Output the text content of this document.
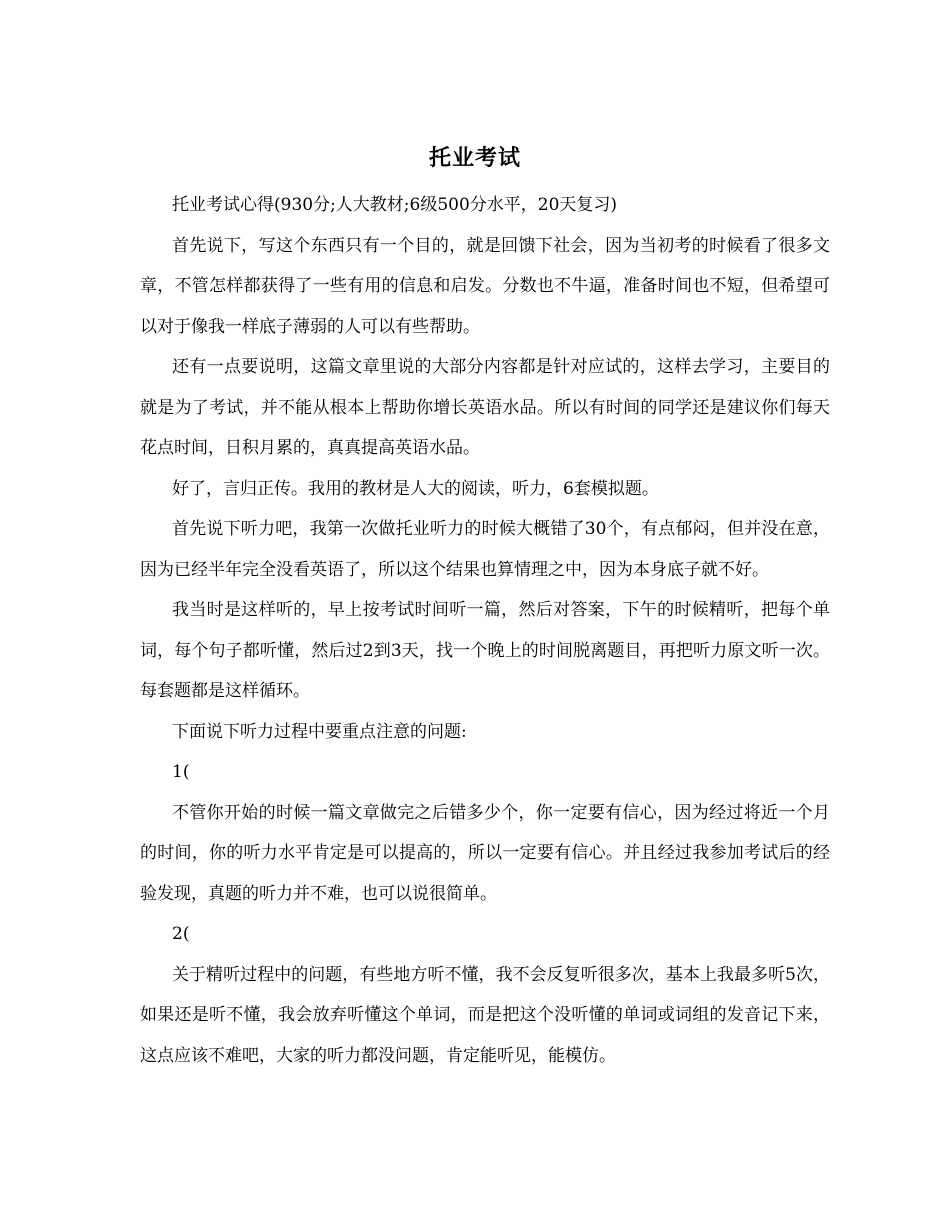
托业考试

托业考试心得(930分;人大教材;6级500分水平，20天复习)

首先说下，写这个东西只有一个目的，就是回馈下社会，因为当初考的时候看了很多文章，不管怎样都获得了一些有用的信息和启发。分数也不牛逼，准备时间也不短，但希望可以对于像我一样底子薄弱的人可以有些帮助。

还有一点要说明，这篇文章里说的大部分内容都是针对应试的，这样去学习，主要目的就是为了考试，并不能从根本上帮助你增长英语水品。所以有时间的同学还是建议你们每天花点时间，日积月累的，真真提高英语水品。

好了，言归正传。我用的教材是人大的阅读，听力，6套模拟题。

首先说下听力吧，我第一次做托业听力的时候大概错了30个，有点郁闷，但并没在意，因为已经半年完全没看英语了，所以这个结果也算情理之中，因为本身底子就不好。

我当时是这样听的，早上按考试时间听一篇，然后对答案，下午的时候精听，把每个单词，每个句子都听懂，然后过2到3天，找一个晚上的时间脱离题目，再把听力原文听一次。每套题都是这样循环。

下面说下听力过程中要重点注意的问题:

1(

不管你开始的时候一篇文章做完之后错多少个，你一定要有信心，因为经过将近一个月的时间，你的听力水平肯定是可以提高的，所以一定要有信心。并且经过我参加考试后的经验发现，真题的听力并不难，也可以说很简单。

2(

关于精听过程中的问题，有些地方听不懂，我不会反复听很多次，基本上我最多听5次，如果还是听不懂，我会放弃听懂这个单词，而是把这个没听懂的单词或词组的发音记下来，这点应该不难吧，大家的听力都没问题，肯定能听见，能模仿。
